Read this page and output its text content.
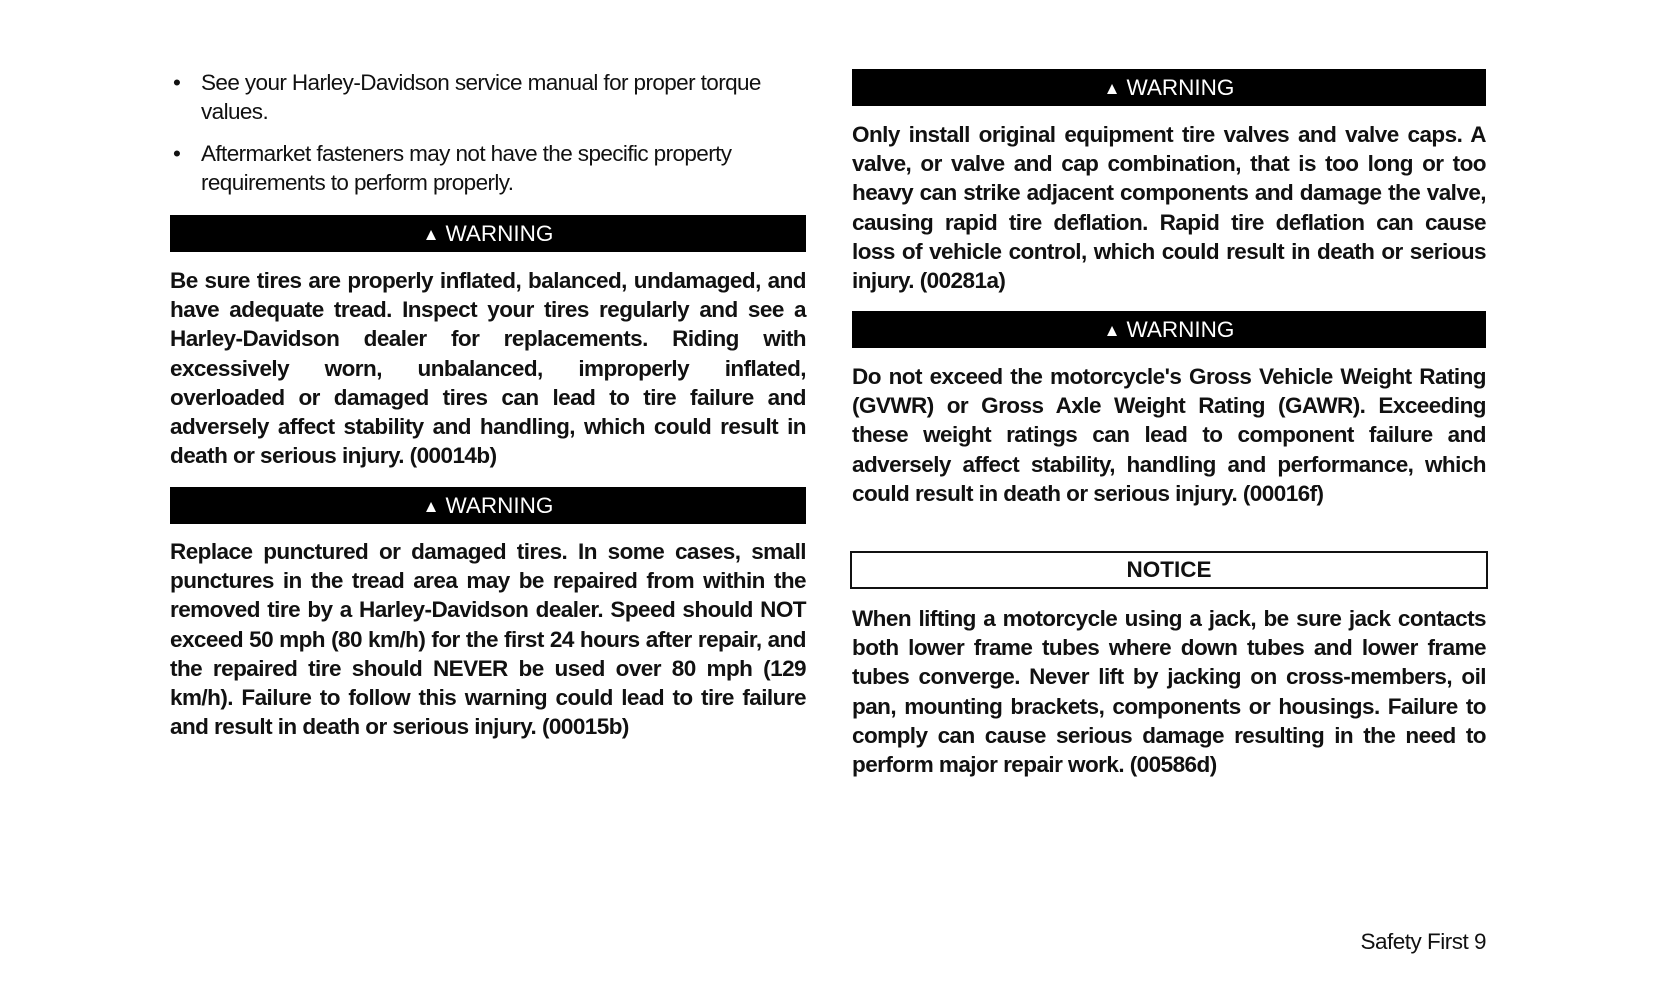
• See your Harley-Davidson service manual for proper torque values.
• Aftermarket fasteners may not have the specific property requirements to perform properly.
▲ WARNING

Be sure tires are properly inflated, balanced, undamaged, and have adequate tread. Inspect your tires regularly and see a Harley-Davidson dealer for replacements. Riding with excessively worn, unbalanced, improperly inflated, overloaded or damaged tires can lead to tire failure and adversely affect stability and handling, which could result in death or serious injury. (00014b)

▲ WARNING

Replace punctured or damaged tires. In some cases, small punctures in the tread area may be repaired from within the removed tire by a Harley-Davidson dealer. Speed should NOT exceed 50 mph (80 km/h) for the first 24 hours after repair, and the repaired tire should NEVER be used over 80 mph (129 km/h). Failure to follow this warning could lead to tire failure and result in death or serious injury. (00015b)

▲ WARNING

Only install original equipment tire valves and valve caps. A valve, or valve and cap combination, that is too long or too heavy can strike adjacent components and damage the valve, causing rapid tire deflation. Rapid tire deflation can cause loss of vehicle control, which could result in death or serious injury. (00281a)

▲ WARNING

Do not exceed the motorcycle's Gross Vehicle Weight Rating (GVWR) or Gross Axle Weight Rating (GAWR). Exceeding these weight ratings can lead to component failure and adversely affect stability, handling and performance, which could result in death or serious injury. (00016f)

NOTICE

When lifting a motorcycle using a jack, be sure jack contacts both lower frame tubes where down tubes and lower frame tubes converge. Never lift by jacking on cross-members, oil pan, mounting brackets, components or housings. Failure to comply can cause serious damage resulting in the need to perform major repair work. (00586d)

Safety First 9
